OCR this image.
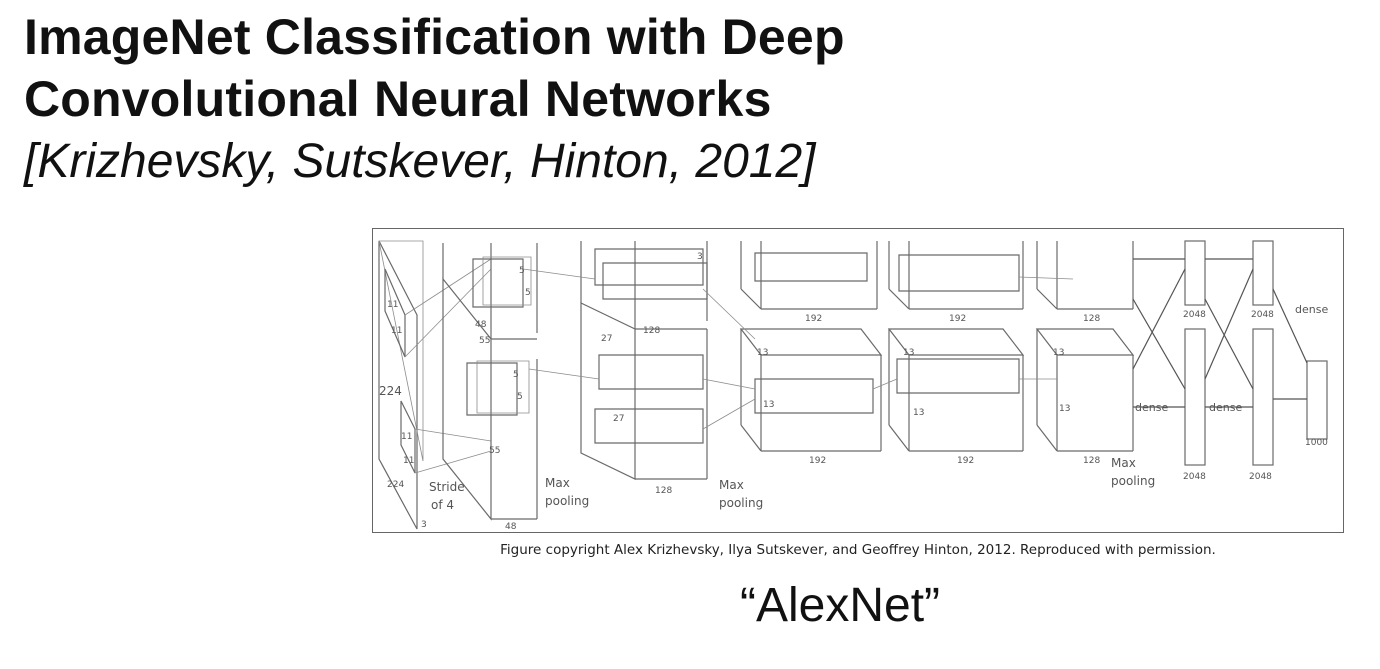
ImageNet Classification with Deep

Convolutional Neural Networks

[Krizhevsky, Sutskever, Hinton, 2012]

224
224
3
11
11
11
11
Stride
of 4
55
55
48
48
5
5
5
5
27
27
128
128
3
Max
pooling
Max
pooling
Max
pooling
13
13
192
192
13
13
192
192
13
13
128
128
dense	dense
dense
2048
2048
2048
2048
1000
Figure copyright Alex Krizhevsky, Ilya Sutskever, and Geoffrey Hinton, 2012. Reproduced with permission.
“AlexNet”
